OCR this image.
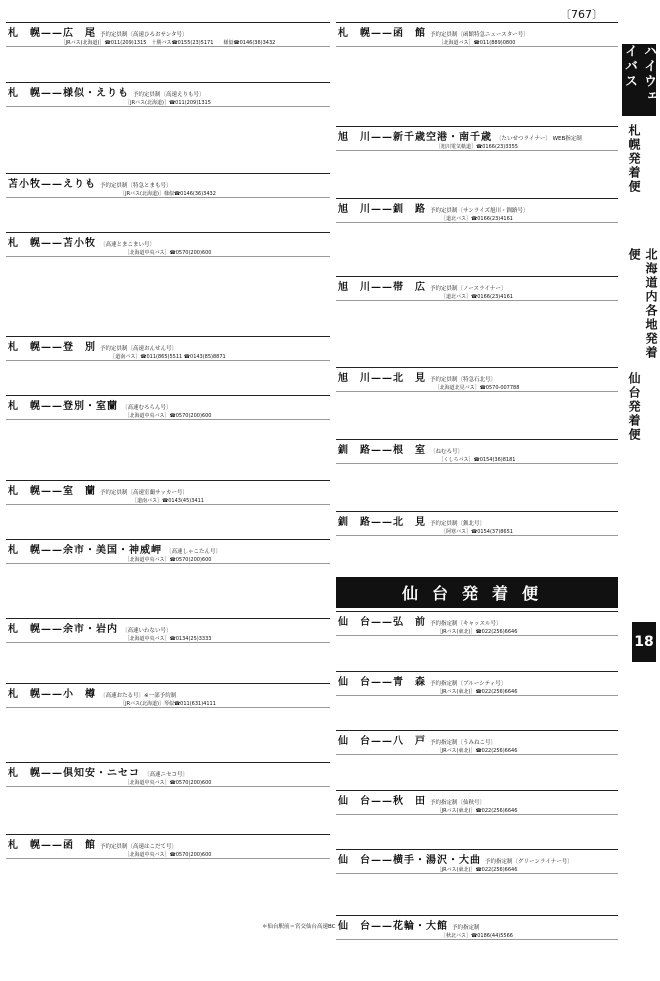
〔767〕
札　幌——広　尾 予約定員制〔高速ひろおサンタ号〕
［JRバス(北海道)］☎011(209)1315　十勝バス☎0155(23)5171　　様似☎0146(36)3432
札　幌——様似・えりも 予約定員制〔高速えりも号〕
［JRバス(北海道)］☎011(209)1315
苫小牧——えりも 予約定員制〔特急とまも号〕
［JRバス(北海道)］様似☎0146(36)3432
札　幌——苫小牧 〔高速とまこまい号〕
［北海道中央バス］☎0570(200)600
札　幌——登　別 予約定員制〔高速おんせん号〕
［道南バス］☎011(865)5511 ☎0143(85)8871
札　幌——登別・室蘭 〔高速むろらん号〕
［北海道中央バス］☎0570(200)600
札　幌——室　蘭 予約定員制〔高速室蘭サッカー号〕
［道南バス］☎0143(45)3411
札　幌——余市・美国・神威岬 〔高速しゃこたん号〕
［北海道中央バス］☎0570(200)600
札　幌——余市・岩内 〔高速いわない号〕
［北海道中央バス］☎0134(25)3333
札　幌——小　樽 〔高速おたる号〕※一部予約制
［JRバス(北海道)］琴似☎011(631)4111
札　幌——倶知安・ニセコ 〔高速ニセコ号〕
［北海道中央バス］☎0570(200)600
札　幌——函　館 予約定員制〔高速はこだて号〕
［北海道中央バス］☎0570(200)600
札　幌——函　館 予約定員制〔函館特急ニュースター号〕
［北海道バス］☎011(889)0800
旭　川——新千歳空港・南千歳 〔たいせつライナー〕 WEB指定制
［旭川電気軌道］☎0166(23)3355
旭　川——釧　路 予約定員制〔サンライズ旭川・釧路号〕
［道北バス］☎0166(23)4161
旭　川——帯　広 予約定員制〔ノースライナー〕
［道北バス］☎0166(23)4161
旭　川——北　見 予約定員制〔特急石北号〕
［北海道北見バス］☎0570-007788
釧　路——根　室 〔ねむろ号〕
［くしろバス］☎0154(36)8181
釧　路——北　見 予約定員制〔釧北号〕
［阿寒バス］☎0154(37)8651
仙台発着便
仙　台——弘　前 予約指定制〔キャッスル号〕
［JRバス(東北)］☎022(256)6646
仙　台——青　森 予約指定制〔ブルーシティ号〕
［JRバス(東北)］☎022(256)6646
仙　台——八　戸 予約指定制〔うみねこ号〕
［JRバス(東北)］☎022(256)6646
仙　台——秋　田 予約指定制〔仙秋号〕
［JRバス(東北)］☎022(256)6646
仙　台——横手・湯沢・大曲 予約指定制〔グリーンライナー号〕
［JRバス(東北)］☎022(256)6646
仙　台——花輪・大館 予約指定制
［秋北バス］☎0186(44)5566
ハイウェイバス
札幌発着便
北海道内各地発着便
仙台発着便
18
＊仙台駅前＝宮交仙台高速BC
